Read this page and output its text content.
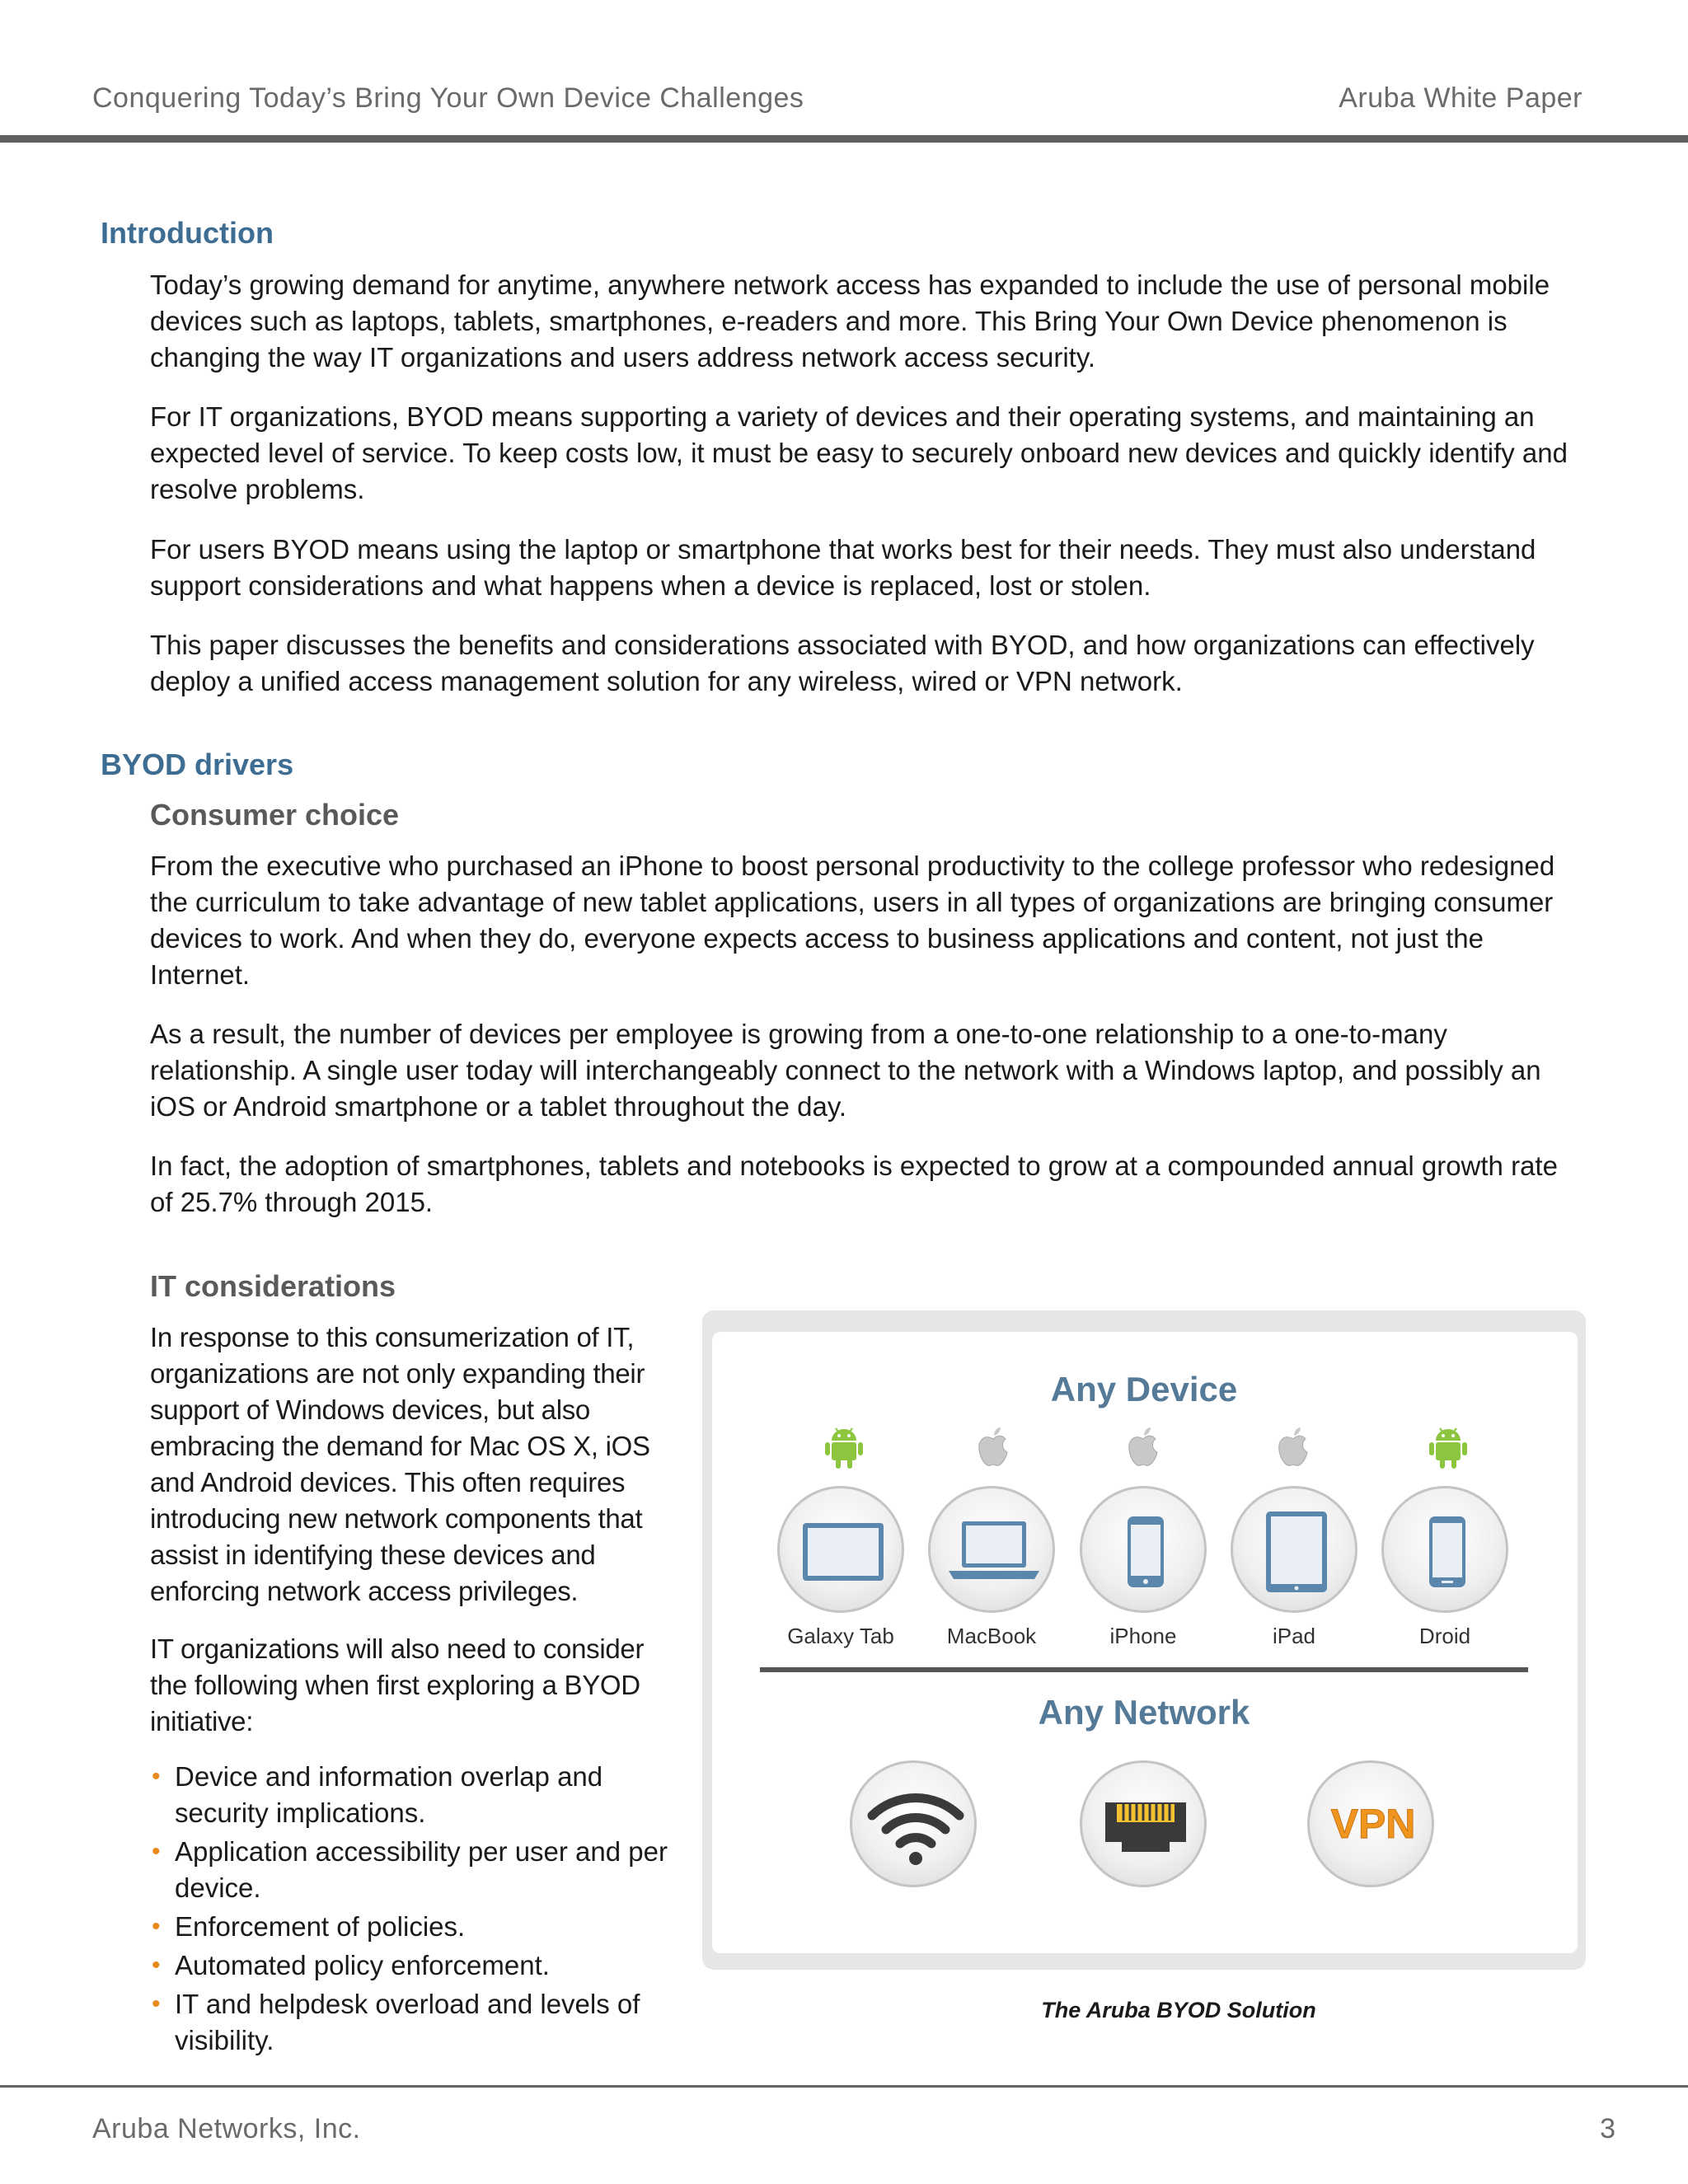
Conquering Today’s Bring Your Own Device Challenges	Aruba White Paper
Introduction

Today’s growing demand for anytime, anywhere network access has expanded to include the use of personal mobile devices such as laptops, tablets, smartphones, e-readers and more. This Bring Your Own Device phenomenon is changing the way IT organizations and users address network access security.

For IT organizations, BYOD means supporting a variety of devices and their operating systems, and maintaining an expected level of service. To keep costs low, it must be easy to securely onboard new devices and quickly identify and resolve problems.

For users BYOD means using the laptop or smartphone that works best for their needs. They must also understand support considerations and what happens when a device is replaced, lost or stolen.

This paper discusses the benefits and considerations associated with BYOD, and how organizations can effectively deploy a unified access management solution for any wireless, wired or VPN network.

BYOD drivers
Consumer choice

From the executive who purchased an iPhone to boost personal productivity to the college professor who redesigned the curriculum to take advantage of new tablet applications, users in all types of organizations are bringing consumer devices to work. And when they do, everyone expects access to business applications and content, not just the Internet.

As a result, the number of devices per employee is growing from a one-to-one relationship to a one-to-many relationship. A single user today will interchangeably connect to the network with a Windows laptop, and possibly an iOS or Android smartphone or a tablet throughout the day.

In fact, the adoption of smartphones, tablets and notebooks is expected to grow at a compounded annual growth rate of 25.7% through 2015.

IT considerations

In response to this consumerization of IT, organizations are not only expanding their support of Windows devices, but also embracing the demand for Mac OS X, iOS and Android devices. This often requires introducing new network components that assist in identifying these devices and enforcing network access privileges.

IT organizations will also need to consider the following when first exploring a BYOD initiative:

• Device and information overlap and security implications.
• Application accessibility per user and per device.
• Enforcement of policies.
• Automated policy enforcement.
• IT and helpdesk overload and levels of visibility.
Any Device
Galaxy Tab	MacBook	iPhone	iPad	Droid
Any Network
VPN
The Aruba BYOD Solution
Aruba Networks, Inc.	3
